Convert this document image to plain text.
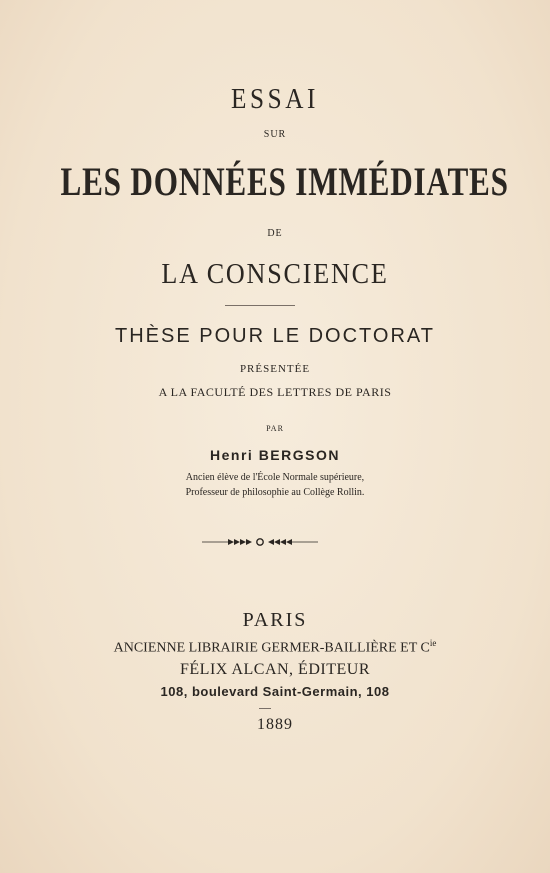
ESSAI
SUR
LES DONNÉES IMMÉDIATES
DE
LA CONSCIENCE
THÈSE POUR LE DOCTORAT
PRÉSENTÉE
A LA FACULTÉ DES LETTRES DE PARIS
PAR
Henri BERGSON
Ancien élève de l'École Normale supérieure,
Professeur de philosophie au Collège Rollin.
PARIS
ANCIENNE LIBRAIRIE GERMER-BAILLIÈRE ET $C^{ie}$
FÉLIX ALCAN, ÉDITEUR
108, boulevard Saint-Germain, 108
1889
